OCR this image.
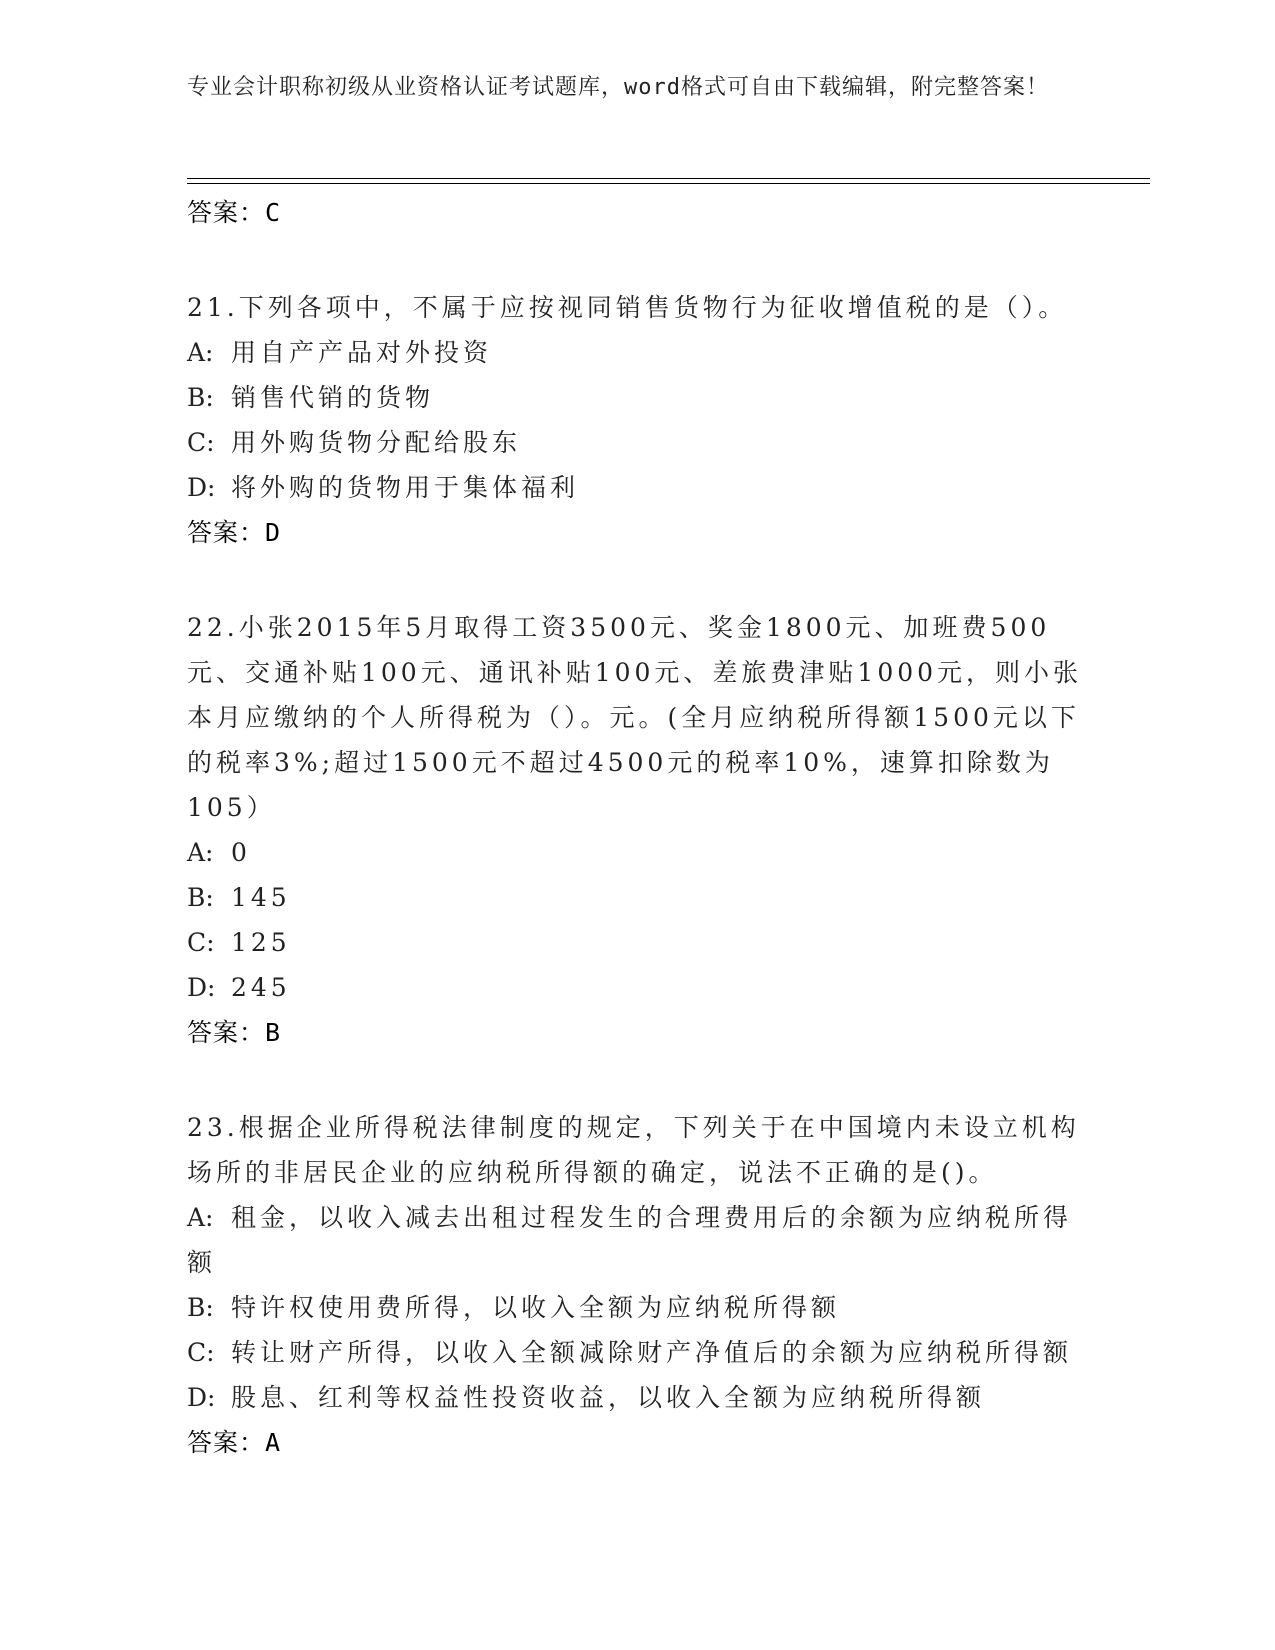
专业会计职称初级从业资格认证考试题库，word格式可自由下载编辑，附完整答案！
答案：C
21.下列各项中，不属于应按视同销售货物行为征收增值税的是（）。
A: 用自产产品对外投资
B: 销售代销的货物
C: 用外购货物分配给股东
D: 将外购的货物用于集体福利
答案：D
22.小张2015年5月取得工资3500元、奖金1800元、加班费500元、交通补贴100元、通讯补贴100元、差旅费津贴1000元，则小张本月应缴纳的个人所得税为（）。元。(全月应纳税所得额1500元以下的税率3%;超过1500元不超过4500元的税率10%，速算扣除数为105）
A: 0
B: 145
C: 125
D: 245
答案：B
23.根据企业所得税法律制度的规定，下列关于在中国境内未设立机构场所的非居民企业的应纳税所得额的确定，说法不正确的是()。
A: 租金，以收入减去出租过程发生的合理费用后的余额为应纳税所得额
B: 特许权使用费所得，以收入全额为应纳税所得额
C: 转让财产所得，以收入全额减除财产净值后的余额为应纳税所得额
D: 股息、红利等权益性投资收益，以收入全额为应纳税所得额
答案：A
